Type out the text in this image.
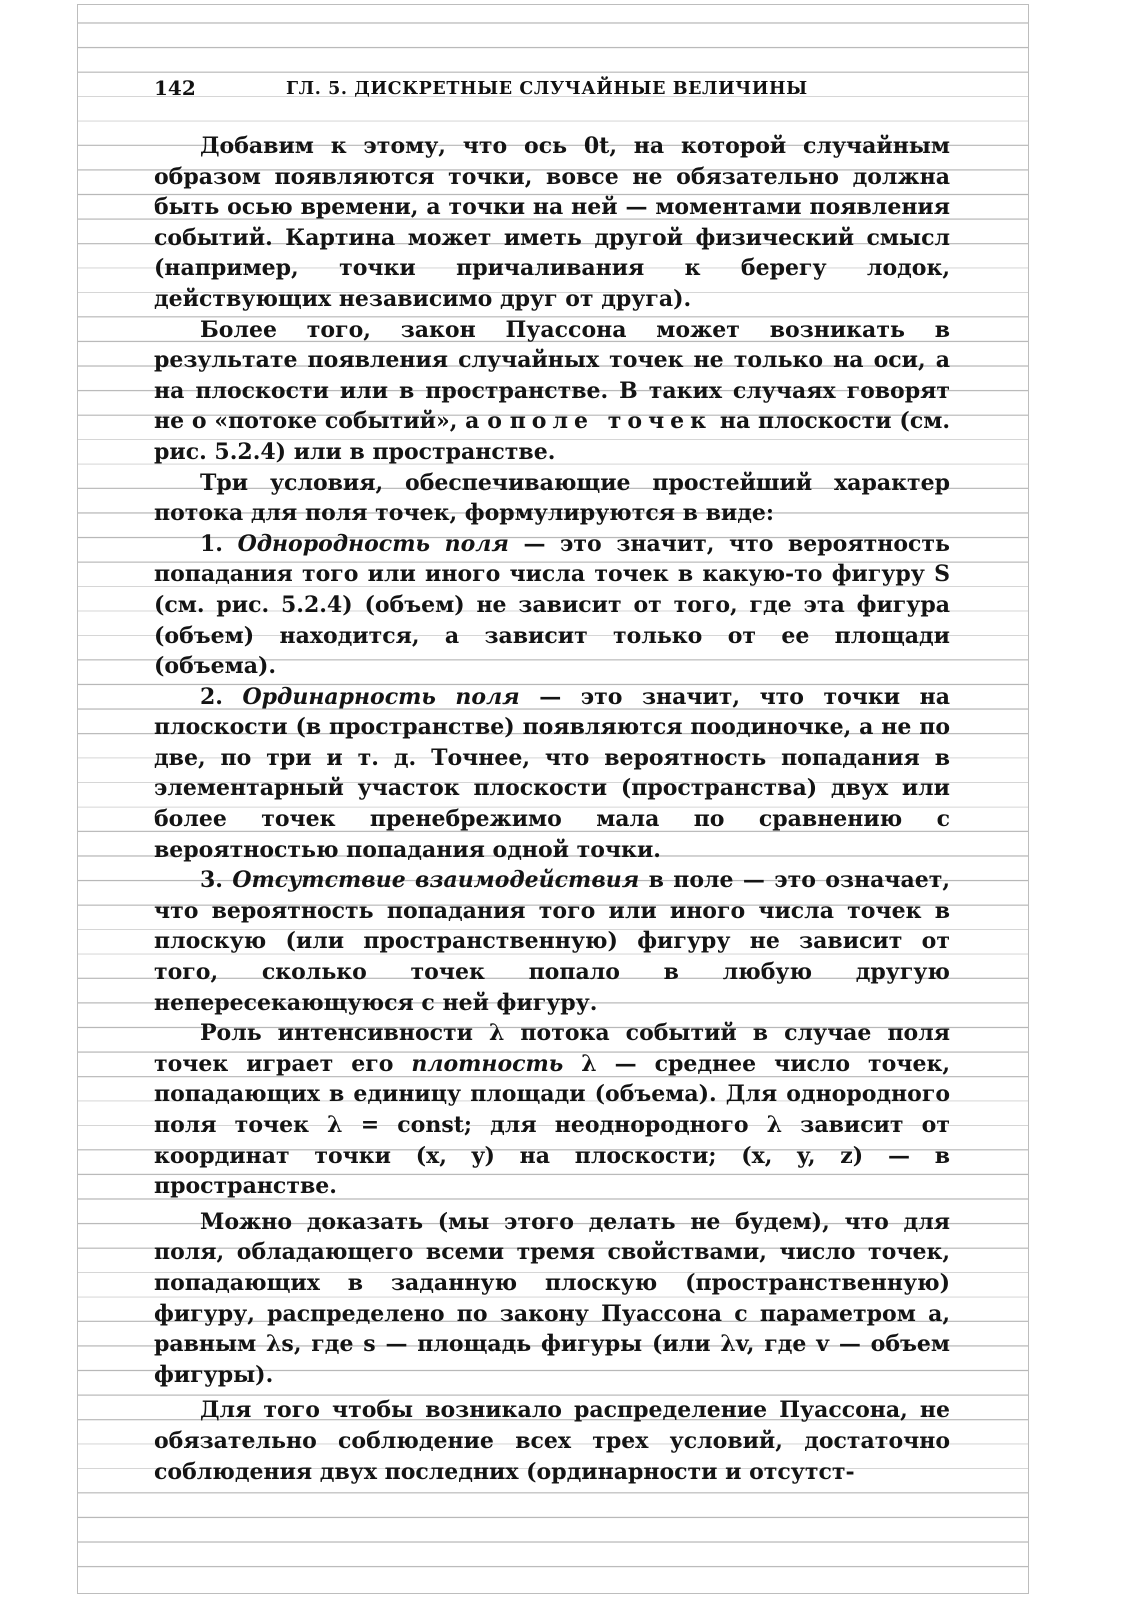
142	ГЛ. 5. ДИСКРЕТНЫЕ СЛУЧАЙНЫЕ ВЕЛИЧИНЫ

Добавим к этому, что ось 0t, на которой случайным образом появляются точки, вовсе не обязательно должна быть осью времени, а точки на ней — моментами появления событий. Картина может иметь другой физический смысл (например, точки причаливания к берегу лодок, действующих независимо друг от друга).

Более того, закон Пуассона может возникать в результате появления случайных точек не только на оси, а на плоскости или в пространстве. В таких случаях говорят не о «потоке событий», а о поле точек на плоскости (см. рис. 5.2.4) или в пространстве.

Три условия, обеспечивающие простейший характер потока для поля точек, формулируются в виде:

1. Однородность поля — это значит, что вероятность попадания того или иного числа точек в какую-то фигуру S (см. рис. 5.2.4) (объем) не зависит от того, где эта фигура (объем) находится, а зависит только от ее площади (объема).

2. Ординарность поля — это значит, что точки на плоскости (в пространстве) появляются поодиночке, а не по две, по три и т. д. Точнее, что вероятность попадания в элементарный участок плоскости (пространства) двух или более точек пренебрежимо мала по сравнению с вероятностью попадания одной точки.

3. Отсутствие взаимодействия в поле — это означает, что вероятность попадания того или иного числа точек в плоскую (или пространственную) фигуру не зависит от того, сколько точек попало в любую другую непересекающуюся с ней фигуру.

Роль интенсивности λ потока событий в случае поля точек играет его плотность λ — среднее число точек, попадающих в единицу площади (объема). Для однородного поля точек λ = const; для неоднородного λ зависит от координат точки (x, y) на плоскости; (x, y, z) — в пространстве.

Можно доказать (мы этого делать не будем), что для поля, обладающего всеми тремя свойствами, число точек, попадающих в заданную плоскую (пространственную) фигуру, распределено по закону Пуассона с параметром a, равным λs, где s — площадь фигуры (или λv, где v — объем фигуры).

Для того чтобы возникало распределение Пуассона, не обязательно соблюдение всех трех условий, достаточно соблюдения двух последних (ординарности и отсутст-
